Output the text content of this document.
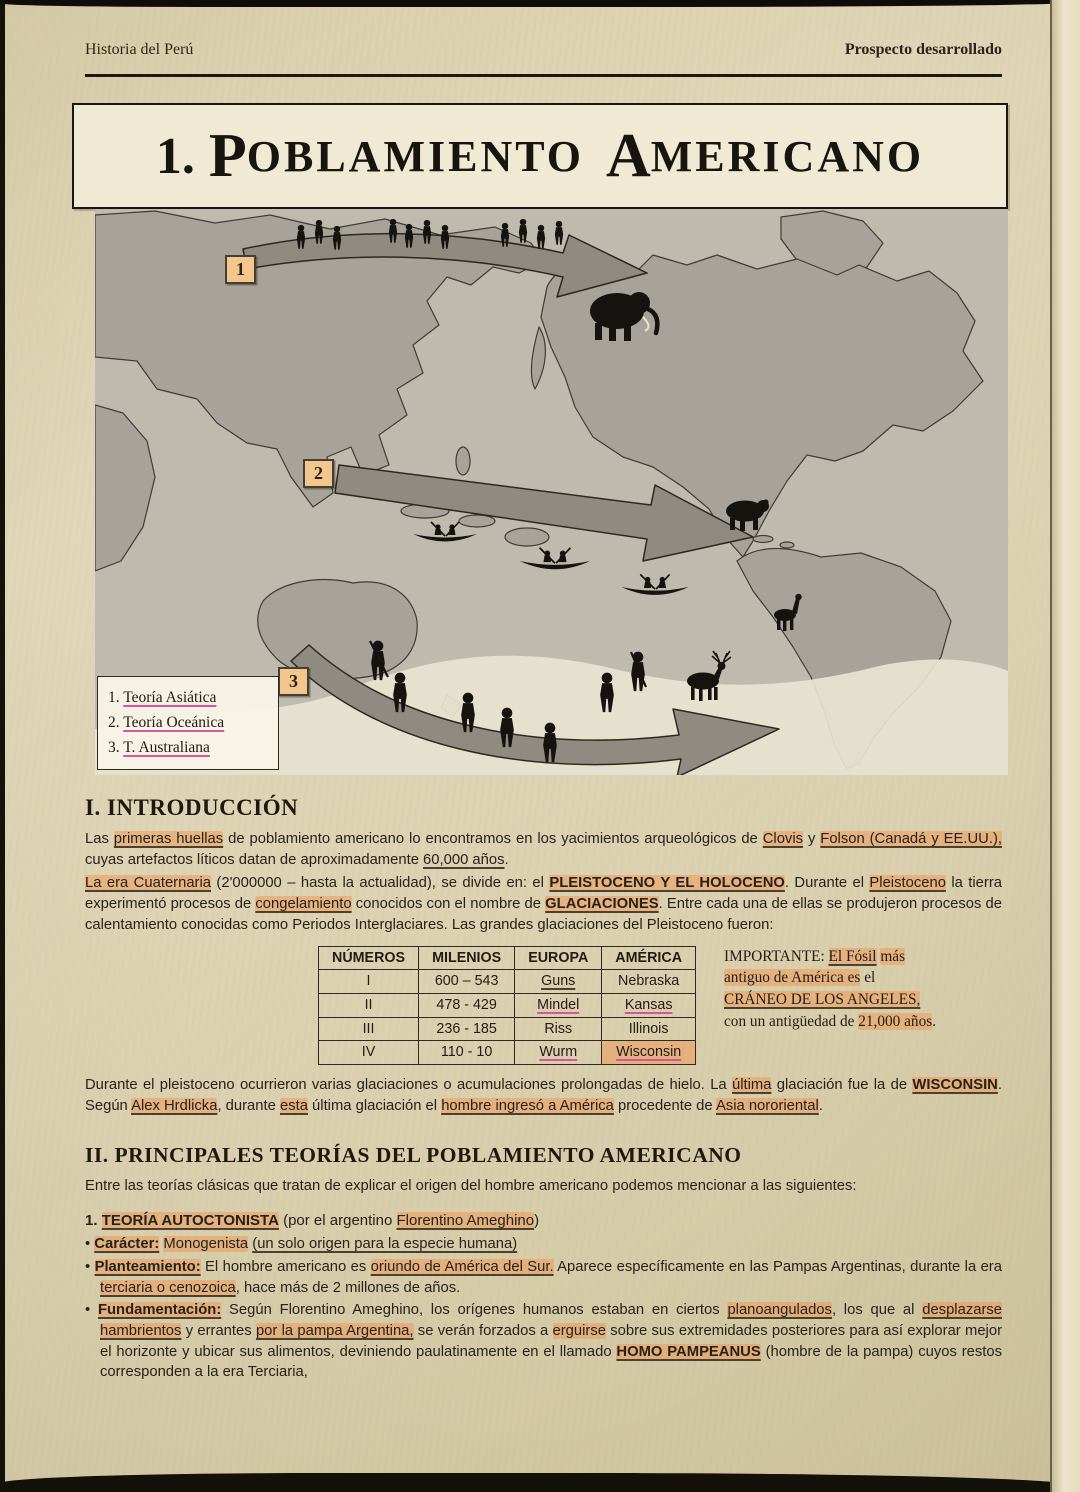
Historia del Perú	Prospecto desarrollado
1. P OBLAMIENTO A MERICANO
1
2
3
1. Teoría Asiática
2. Teoría Oceánica
3. T. Australiana
I. INTRODUCCIÓN

Las primeras huellas de poblamiento americano lo encontramos en los yacimientos arqueológicos de Clovis y Folson (Canadá y EE.UU.), cuyas artefactos líticos datan de aproximadamente 60,000 años.

La era Cuaternaria (2'000000 – hasta la actualidad), se divide en: el PLEISTOCENO Y EL HOLOCENO. Durante el Pleistoceno la tierra experimentó procesos de congelamiento conocidos con el nombre de GLACIACIONES. Entre cada una de ellas se produjeron procesos de calentamiento conocidas como Periodos Interglaciares. Las grandes glaciaciones del Pleistoceno fueron:

NÚMEROS	MILENIOS	EUROPA	AMÉRICA
I	600 – 543	Guns	Nebraska
II	478 - 429	Mindel	Kansas
III	236 - 185	Riss	Illinois
IV	110 - 10	Wurm	Wisconsin
IMPORTANTE: El Fósil más antiguo de América es el CRÁNEO DE LOS ANGELES, con un antigüedad de 21,000 años.

Durante el pleistoceno ocurrieron varias glaciaciones o acumulaciones prolongadas de hielo. La última glaciación fue la de WISCONSIN. Según Alex Hrdlicka, durante esta última glaciación el hombre ingresó a América procedente de Asia nororiental.

II. PRINCIPALES TEORÍAS DEL POBLAMIENTO AMERICANO

Entre las teorías clásicas que tratan de explicar el origen del hombre americano podemos mencionar a las siguientes:

1. TEORÍA AUTOCTONISTA (por el argentino Florentino Ameghino)

• Carácter: Monogenista (un solo origen para la especie humana)

• Planteamiento: El hombre americano es oriundo de América del Sur. Aparece específicamente en las Pampas Argentinas, durante la era terciaria o cenozoica, hace más de 2 millones de años.

• Fundamentación: Según Florentino Ameghino, los orígenes humanos estaban en ciertos planoangulados, los que al desplazarse hambrientos y errantes por la pampa Argentina, se verán forzados a erguirse sobre sus extremidades posteriores para así explorar mejor el horizonte y ubicar sus alimentos, deviniendo paulatinamente en el llamado HOMO PAMPEANUS (hombre de la pampa) cuyos restos corresponden a la era Terciaria,
